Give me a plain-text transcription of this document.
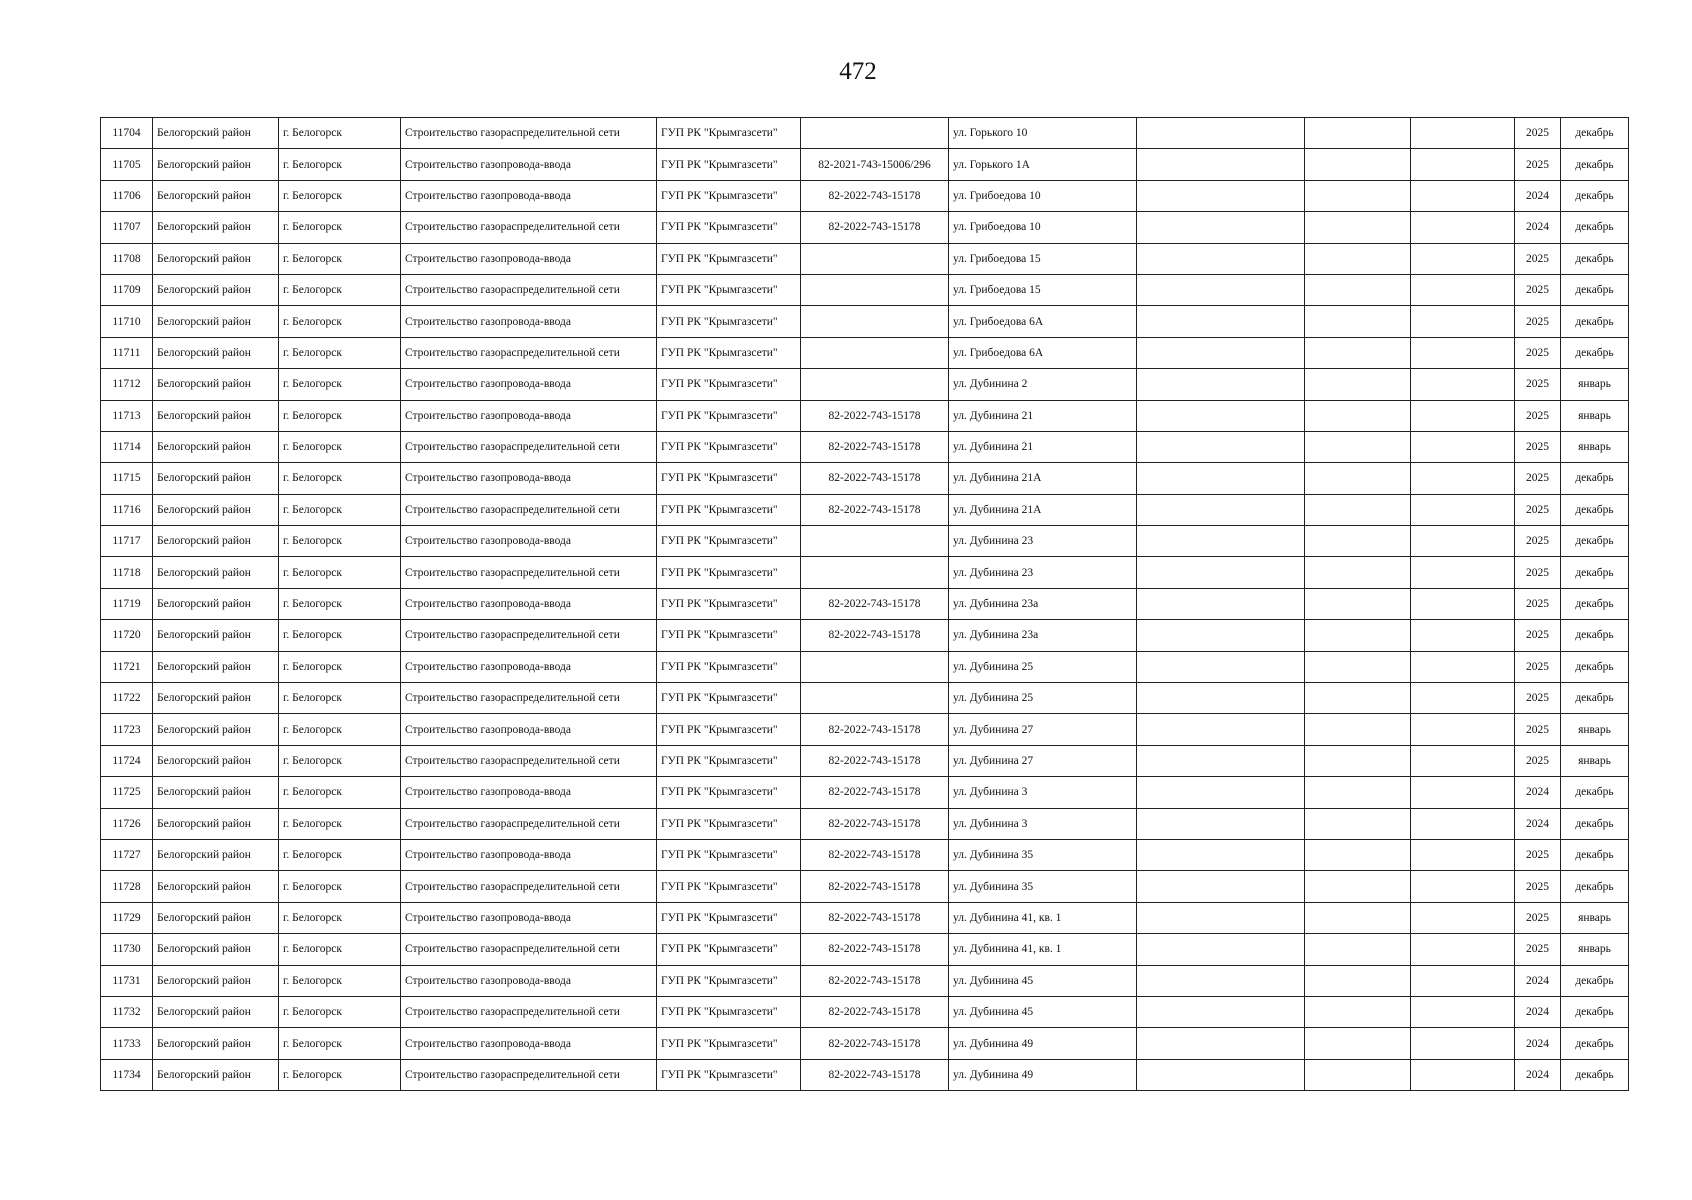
472
11704	Белогорский район	г. Белогорск	Строительство газораспределительной сети	ГУП РК "Крымгазсети"		ул. Горького 10				2025	декабрь
11705	Белогорский район	г. Белогорск	Строительство газопровода-ввода	ГУП РК "Крымгазсети"	82-2021-743-15006/296	ул. Горького 1А				2025	декабрь
11706	Белогорский район	г. Белогорск	Строительство газопровода-ввода	ГУП РК "Крымгазсети"	82-2022-743-15178	ул. Грибоедова 10				2024	декабрь
11707	Белогорский район	г. Белогорск	Строительство газораспределительной сети	ГУП РК "Крымгазсети"	82-2022-743-15178	ул. Грибоедова 10				2024	декабрь
11708	Белогорский район	г. Белогорск	Строительство газопровода-ввода	ГУП РК "Крымгазсети"		ул. Грибоедова 15				2025	декабрь
11709	Белогорский район	г. Белогорск	Строительство газораспределительной сети	ГУП РК "Крымгазсети"		ул. Грибоедова 15				2025	декабрь
11710	Белогорский район	г. Белогорск	Строительство газопровода-ввода	ГУП РК "Крымгазсети"		ул. Грибоедова 6А				2025	декабрь
11711	Белогорский район	г. Белогорск	Строительство газораспределительной сети	ГУП РК "Крымгазсети"		ул. Грибоедова 6А				2025	декабрь
11712	Белогорский район	г. Белогорск	Строительство газопровода-ввода	ГУП РК "Крымгазсети"		ул. Дубинина 2				2025	январь
11713	Белогорский район	г. Белогорск	Строительство газопровода-ввода	ГУП РК "Крымгазсети"	82-2022-743-15178	ул. Дубинина 21				2025	январь
11714	Белогорский район	г. Белогорск	Строительство газораспределительной сети	ГУП РК "Крымгазсети"	82-2022-743-15178	ул. Дубинина 21				2025	январь
11715	Белогорский район	г. Белогорск	Строительство газопровода-ввода	ГУП РК "Крымгазсети"	82-2022-743-15178	ул. Дубинина 21А				2025	декабрь
11716	Белогорский район	г. Белогорск	Строительство газораспределительной сети	ГУП РК "Крымгазсети"	82-2022-743-15178	ул. Дубинина 21А				2025	декабрь
11717	Белогорский район	г. Белогорск	Строительство газопровода-ввода	ГУП РК "Крымгазсети"		ул. Дубинина 23				2025	декабрь
11718	Белогорский район	г. Белогорск	Строительство газораспределительной сети	ГУП РК "Крымгазсети"		ул. Дубинина 23				2025	декабрь
11719	Белогорский район	г. Белогорск	Строительство газопровода-ввода	ГУП РК "Крымгазсети"	82-2022-743-15178	ул. Дубинина 23а				2025	декабрь
11720	Белогорский район	г. Белогорск	Строительство газораспределительной сети	ГУП РК "Крымгазсети"	82-2022-743-15178	ул. Дубинина 23а				2025	декабрь
11721	Белогорский район	г. Белогорск	Строительство газопровода-ввода	ГУП РК "Крымгазсети"		ул. Дубинина 25				2025	декабрь
11722	Белогорский район	г. Белогорск	Строительство газораспределительной сети	ГУП РК "Крымгазсети"		ул. Дубинина 25				2025	декабрь
11723	Белогорский район	г. Белогорск	Строительство газопровода-ввода	ГУП РК "Крымгазсети"	82-2022-743-15178	ул. Дубинина 27				2025	январь
11724	Белогорский район	г. Белогорск	Строительство газораспределительной сети	ГУП РК "Крымгазсети"	82-2022-743-15178	ул. Дубинина 27				2025	январь
11725	Белогорский район	г. Белогорск	Строительство газопровода-ввода	ГУП РК "Крымгазсети"	82-2022-743-15178	ул. Дубинина 3				2024	декабрь
11726	Белогорский район	г. Белогорск	Строительство газораспределительной сети	ГУП РК "Крымгазсети"	82-2022-743-15178	ул. Дубинина 3				2024	декабрь
11727	Белогорский район	г. Белогорск	Строительство газопровода-ввода	ГУП РК "Крымгазсети"	82-2022-743-15178	ул. Дубинина 35				2025	декабрь
11728	Белогорский район	г. Белогорск	Строительство газораспределительной сети	ГУП РК "Крымгазсети"	82-2022-743-15178	ул. Дубинина 35				2025	декабрь
11729	Белогорский район	г. Белогорск	Строительство газопровода-ввода	ГУП РК "Крымгазсети"	82-2022-743-15178	ул. Дубинина 41, кв. 1				2025	январь
11730	Белогорский район	г. Белогорск	Строительство газораспределительной сети	ГУП РК "Крымгазсети"	82-2022-743-15178	ул. Дубинина 41, кв. 1				2025	январь
11731	Белогорский район	г. Белогорск	Строительство газопровода-ввода	ГУП РК "Крымгазсети"	82-2022-743-15178	ул. Дубинина 45				2024	декабрь
11732	Белогорский район	г. Белогорск	Строительство газораспределительной сети	ГУП РК "Крымгазсети"	82-2022-743-15178	ул. Дубинина 45				2024	декабрь
11733	Белогорский район	г. Белогорск	Строительство газопровода-ввода	ГУП РК "Крымгазсети"	82-2022-743-15178	ул. Дубинина 49				2024	декабрь
11734	Белогорский район	г. Белогорск	Строительство газораспределительной сети	ГУП РК "Крымгазсети"	82-2022-743-15178	ул. Дубинина 49				2024	декабрь
